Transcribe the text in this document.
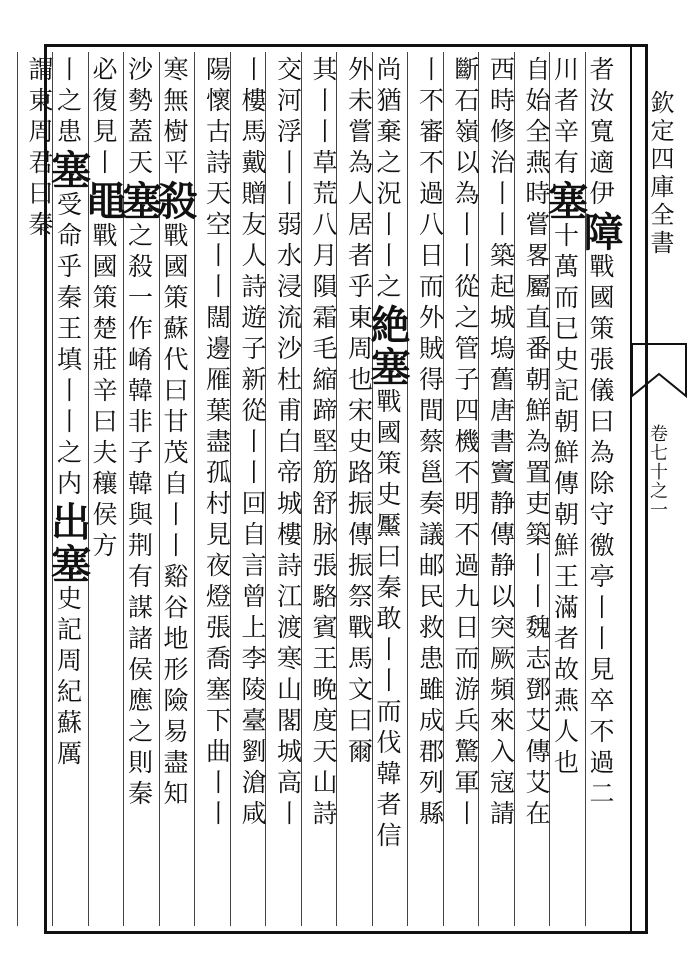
欽定四庫全書
卷七十之一
者汝寬適伊障戰國策張儀曰為除守徼亭丨丨見卒不過二
川者辛有塞十萬而已史記朝鮮傳朝鮮王滿者故燕人也
自始全燕時嘗畧屬直番朝鮮為置吏築丨丨魏志鄧艾傳艾在
西時修治丨丨築起城塢舊唐書竇静傳静以突厥頻來入寇請
斷石嶺以為丨丨從之管子四機不明不過九日而游兵驚軍丨
丨不審不過八日而外賊得間蔡邕奏議邮民救患雖成郡列縣
尚猶棄之況丨丨之絶塞戰國策史黶曰秦敢丨丨而伐韓者信
外未嘗為人居者乎東周也宋史路振傳振祭戰馬文曰爾
其丨丨草荒八月隕霜毛縮蹄堅筋舒脉張駱賓王晚度天山詩
交河浮丨丨弱水浸流沙杜甫白帝城樓詩江渡寒山閣城高丨
丨樓馬戴贈友人詩遊子新從丨丨回自言曾上李陵臺劉滄咸
陽懷古詩天空丨丨闊邊雁葉盡孤村見夜燈張喬塞下曲丨丨
寒無樹平殺戰國策蘇代曰甘茂自丨丨谿谷地形險易盡知
沙勢蓋天塞之殺一作崤韓非子韓與荆有謀諸侯應之則秦
必復見丨黽戰國策楚莊辛曰夫穰侯方
丨之患塞受命乎秦王填丨丨之内出塞史記周紀蘇厲
謂東周君曰秦
